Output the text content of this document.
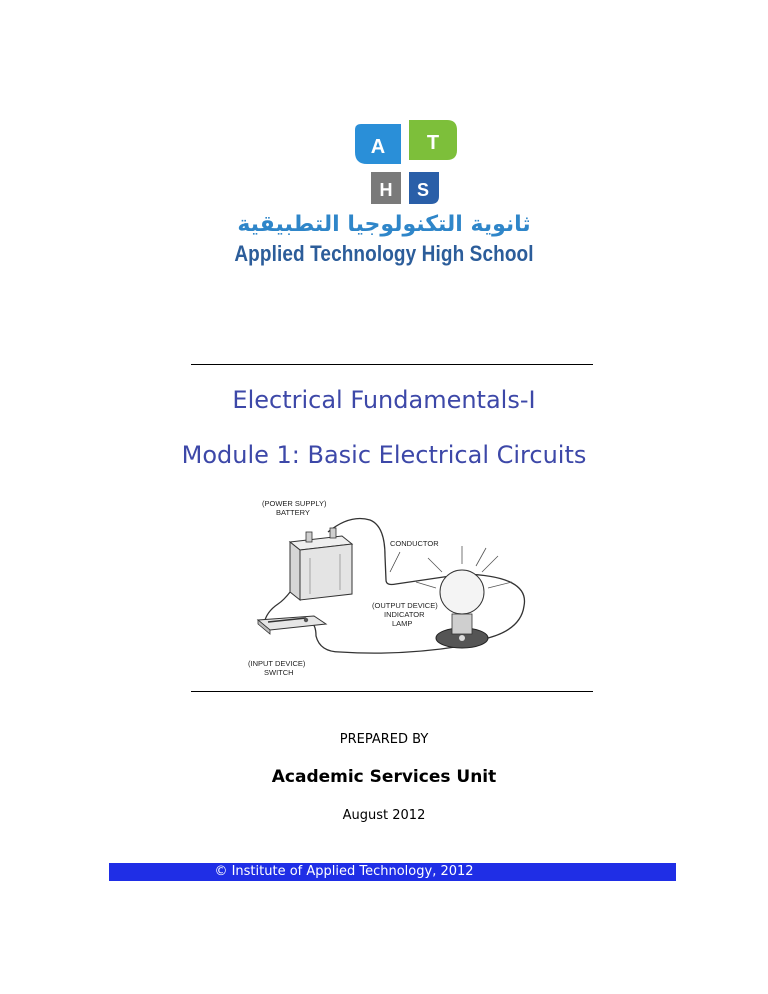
A T
H S
ثانوية التكنولوجيا التطبيقية
Applied Technology High School
Electrical Fundamentals-I
Module 1: Basic Electrical Circuits
(POWER SUPPLY)
BATTERY
CONDUCTOR
(OUTPUT DEVICE)
INDICATOR
LAMP
(INPUT DEVICE)
SWITCH
PREPARED BY
Academic Services Unit
August 2012
© Institute of Applied Technology, 2012
